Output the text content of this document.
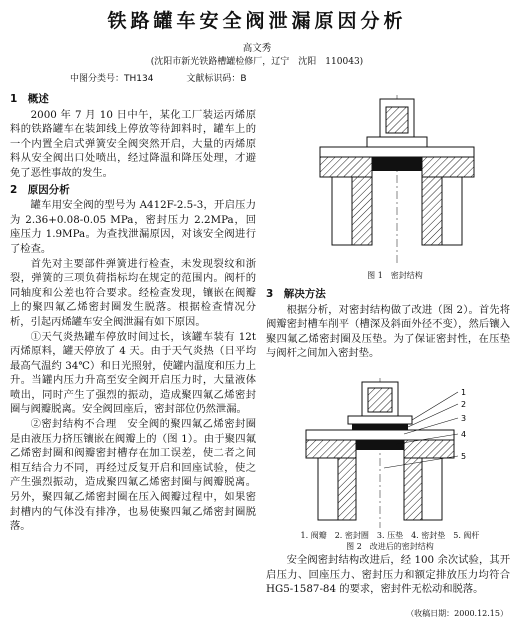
铁路罐车安全阀泄漏原因分析
高文秀
(沈阳市新光铁路槽罐检修厂，辽宁　沈阳　110043)
中图分类号：TH134	文献标识码：B
1　概述

2000 年 7 月 10 日中午，某化工厂装运丙烯原料的铁路罐车在装卸线上停放等待卸料时，罐车上的一个内置全启式弹簧安全阀突然开启，大量的丙烯原料从安全阀出口处喷出，经过降温和降压处理，才避免了恶性事故的发生。

2　原因分析

罐车用安全阀的型号为 A412F-2.5-3，开启压力为 2.36+0.08-0.05 MPa，密封压力 2.2MPa，回座压力 1.9MPa。为查找泄漏原因，对该安全阀进行了检查。

首先对主要部件弹簧进行检查，未发现裂纹和浙裂，弹簧的三项负荷指标均在规定的范围内。阀杆的同轴度和公差也符合要求。经检查发现，镶嵌在阀瓣上的聚四氟乙烯密封圈发生脱落。根据检查情况分析，引起丙烯罐车安全阀泄漏有如下原因。

①天气炎热罐车停放时间过长，该罐车装有 12t 丙烯原料，罐天停放了 4 天。由于天气炎热（日平均最高气温约 34℃）和日光照射，使罐内温度和压力上升。当罐内压力升高至安全阀开启压力时，大量液体喷出，同时产生了强烈的振动，造成聚四氟乙烯密封圈与阀瓣脱离。安全阀回座后，密封部位仍然泄漏。

②密封结构不合理　安全阀的聚四氟乙烯密封圈是由液压力挤压镶嵌在阀瓣上的（图 1）。由于聚四氟乙烯密封圈和阀瓣密封槽存在加工误差，使二者之间相互结合力不同，再经过反复开启和回座试验，使之产生强烈振动，造成聚四氟乙烯密封圈与阀瓣脱离。另外，聚四氟乙烯密封圈在压入阀瓣过程中，如果密封槽内的气体没有排净，也易使聚四氟乙烯密封圈脱落。

图 1　密封结构
3　解决方法

根据分析，对密封结构做了改进（图 2）。首先将阀瓣密封槽车削平（槽深及斜面外径不变），然后镶入聚四氟乙烯密封圈及压垫。为了保证密封性，在压垫与阀杆之间加入密封垫。

1
2
3
4
5
1. 阀瓣　2. 密封圈　3. 压垫　4. 密封垫　5. 阀杆
图 2　改进后的密封结构

安全阀密封结构改进后，经 100 余次试验，其开启压力、回座压力、密封压力和额定排放压力均符合 HG5-1587-84 的要求，密封件无松动和脱落。

（收稿日期：2000.12.15）
